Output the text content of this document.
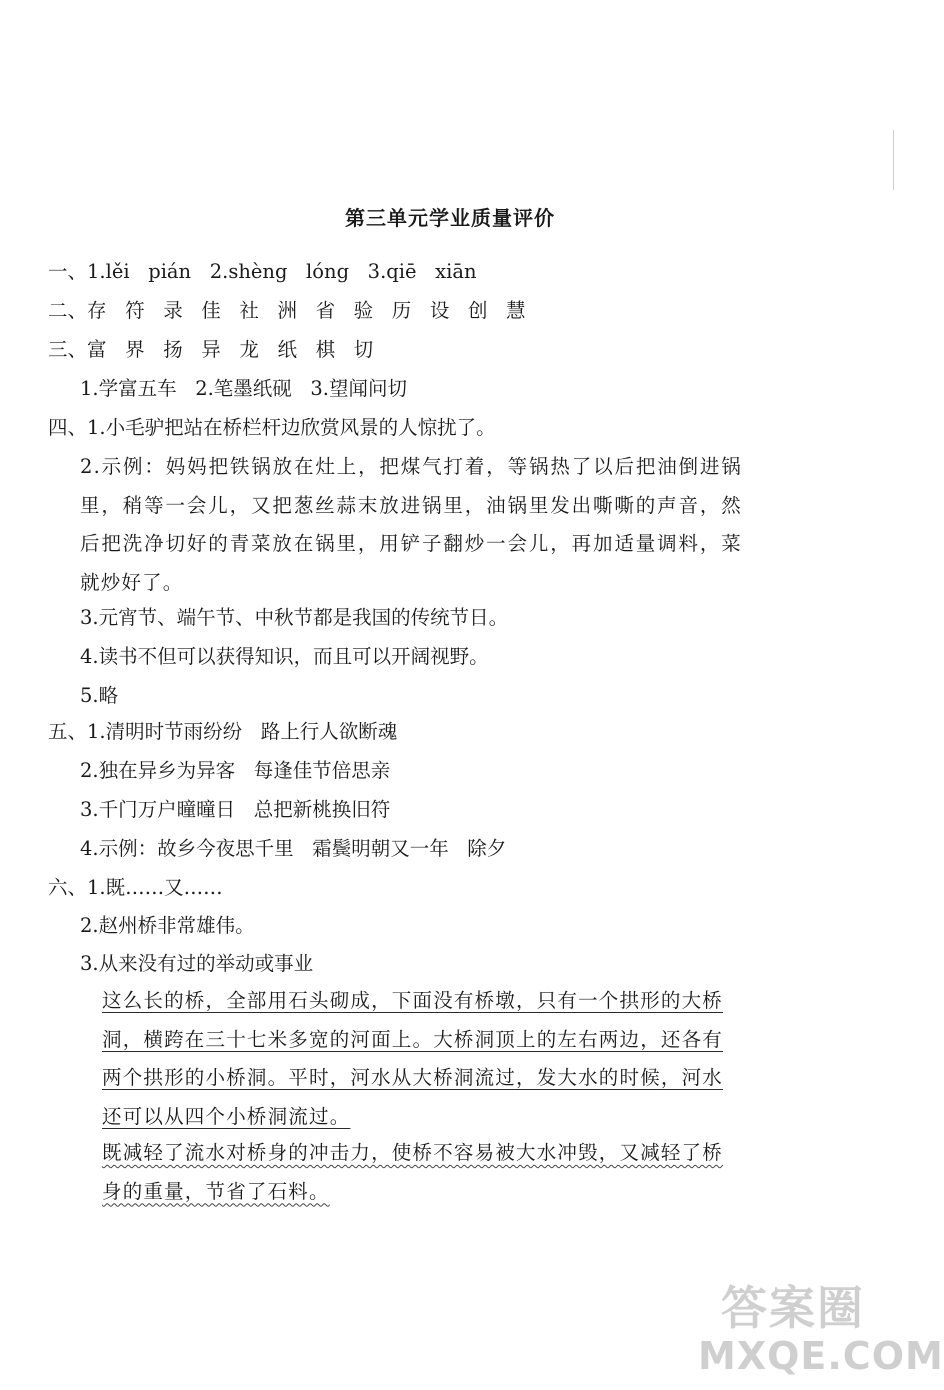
第三单元学业质量评价
一、1.lěi   pián   2.shèng   lóng   3.qiē   xiān
二、存   符   录   佳   社   洲   省   验   历   设   创   慧
三、富   界   扬   异   龙   纸   棋   切
1.学富五车   2.笔墨纸砚   3.望闻问切
四、1.小毛驴把站在桥栏杆边欣赏风景的人惊扰了。
2.示例：妈妈把铁锅放在灶上，把煤气打着，等锅热了以后把油倒进锅里，稍等一会儿，又把葱丝蒜末放进锅里，油锅里发出嘶嘶的声音，然后把洗净切好的青菜放在锅里，用铲子翻炒一会儿，再加适量调料，菜就炒好了。
3.元宵节、端午节、中秋节都是我国的传统节日。
4.读书不但可以获得知识，而且可以开阔视野。
5.略
五、1.清明时节雨纷纷   路上行人欲断魂
2.独在异乡为异客   每逢佳节倍思亲
3.千门万户曈曈日   总把新桃换旧符
4.示例：故乡今夜思千里   霜鬓明朝又一年   除夕
六、1.既……又……
2.赵州桥非常雄伟。
3.从来没有过的举动或事业
这么长的桥，全部用石头砌成，下面没有桥墩，只有一个拱形的大桥洞，横跨在三十七米多宽的河面上。大桥洞顶上的左右两边，还各有两个拱形的小桥洞。平时，河水从大桥洞流过，发大水的时候，河水还可以从四个小桥洞流过。
既减轻了流水对桥身的冲击力，使桥不容易被大水冲毁，又减轻了桥身的重量，节省了石料。
答案圈
MXQE.COM
